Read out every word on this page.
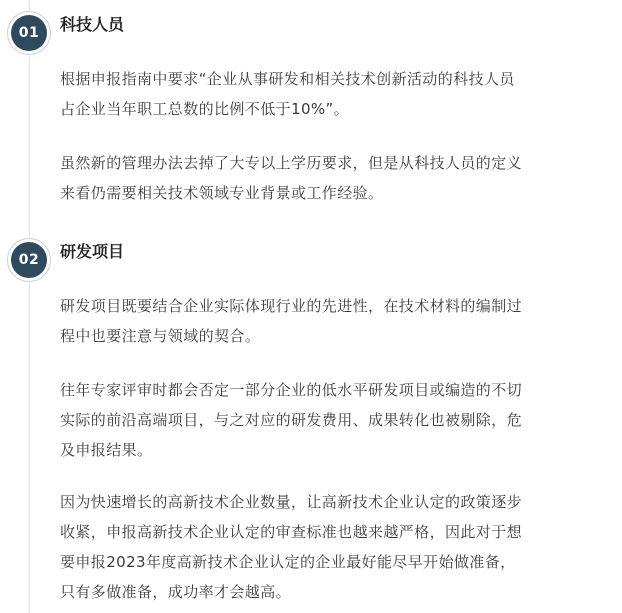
01	科技人员

根据申报指南中要求“企业从事研发和相关技术创新活动的科技人员
占企业当年职工总数的比例不低于10%”。

虽然新的管理办法去掉了大专以上学历要求，但是从科技人员的定义
来看仍需要相关技术领域专业背景或工作经验。

02	研发项目

研发项目既要结合企业实际体现行业的先进性，在技术材料的编制过
程中也要注意与领域的契合。

往年专家评审时都会否定一部分企业的低水平研发项目或编造的不切
实际的前沿高端项目，与之对应的研发费用、成果转化也被剔除，危
及申报结果。

因为快速增长的高新技术企业数量，让高新技术企业认定的政策逐步
收紧，申报高新技术企业认定的审查标准也越来越严格，因此对于想
要申报2023年度高新技术企业认定的企业最好能尽早开始做准备，
只有多做准备，成功率才会越高。
